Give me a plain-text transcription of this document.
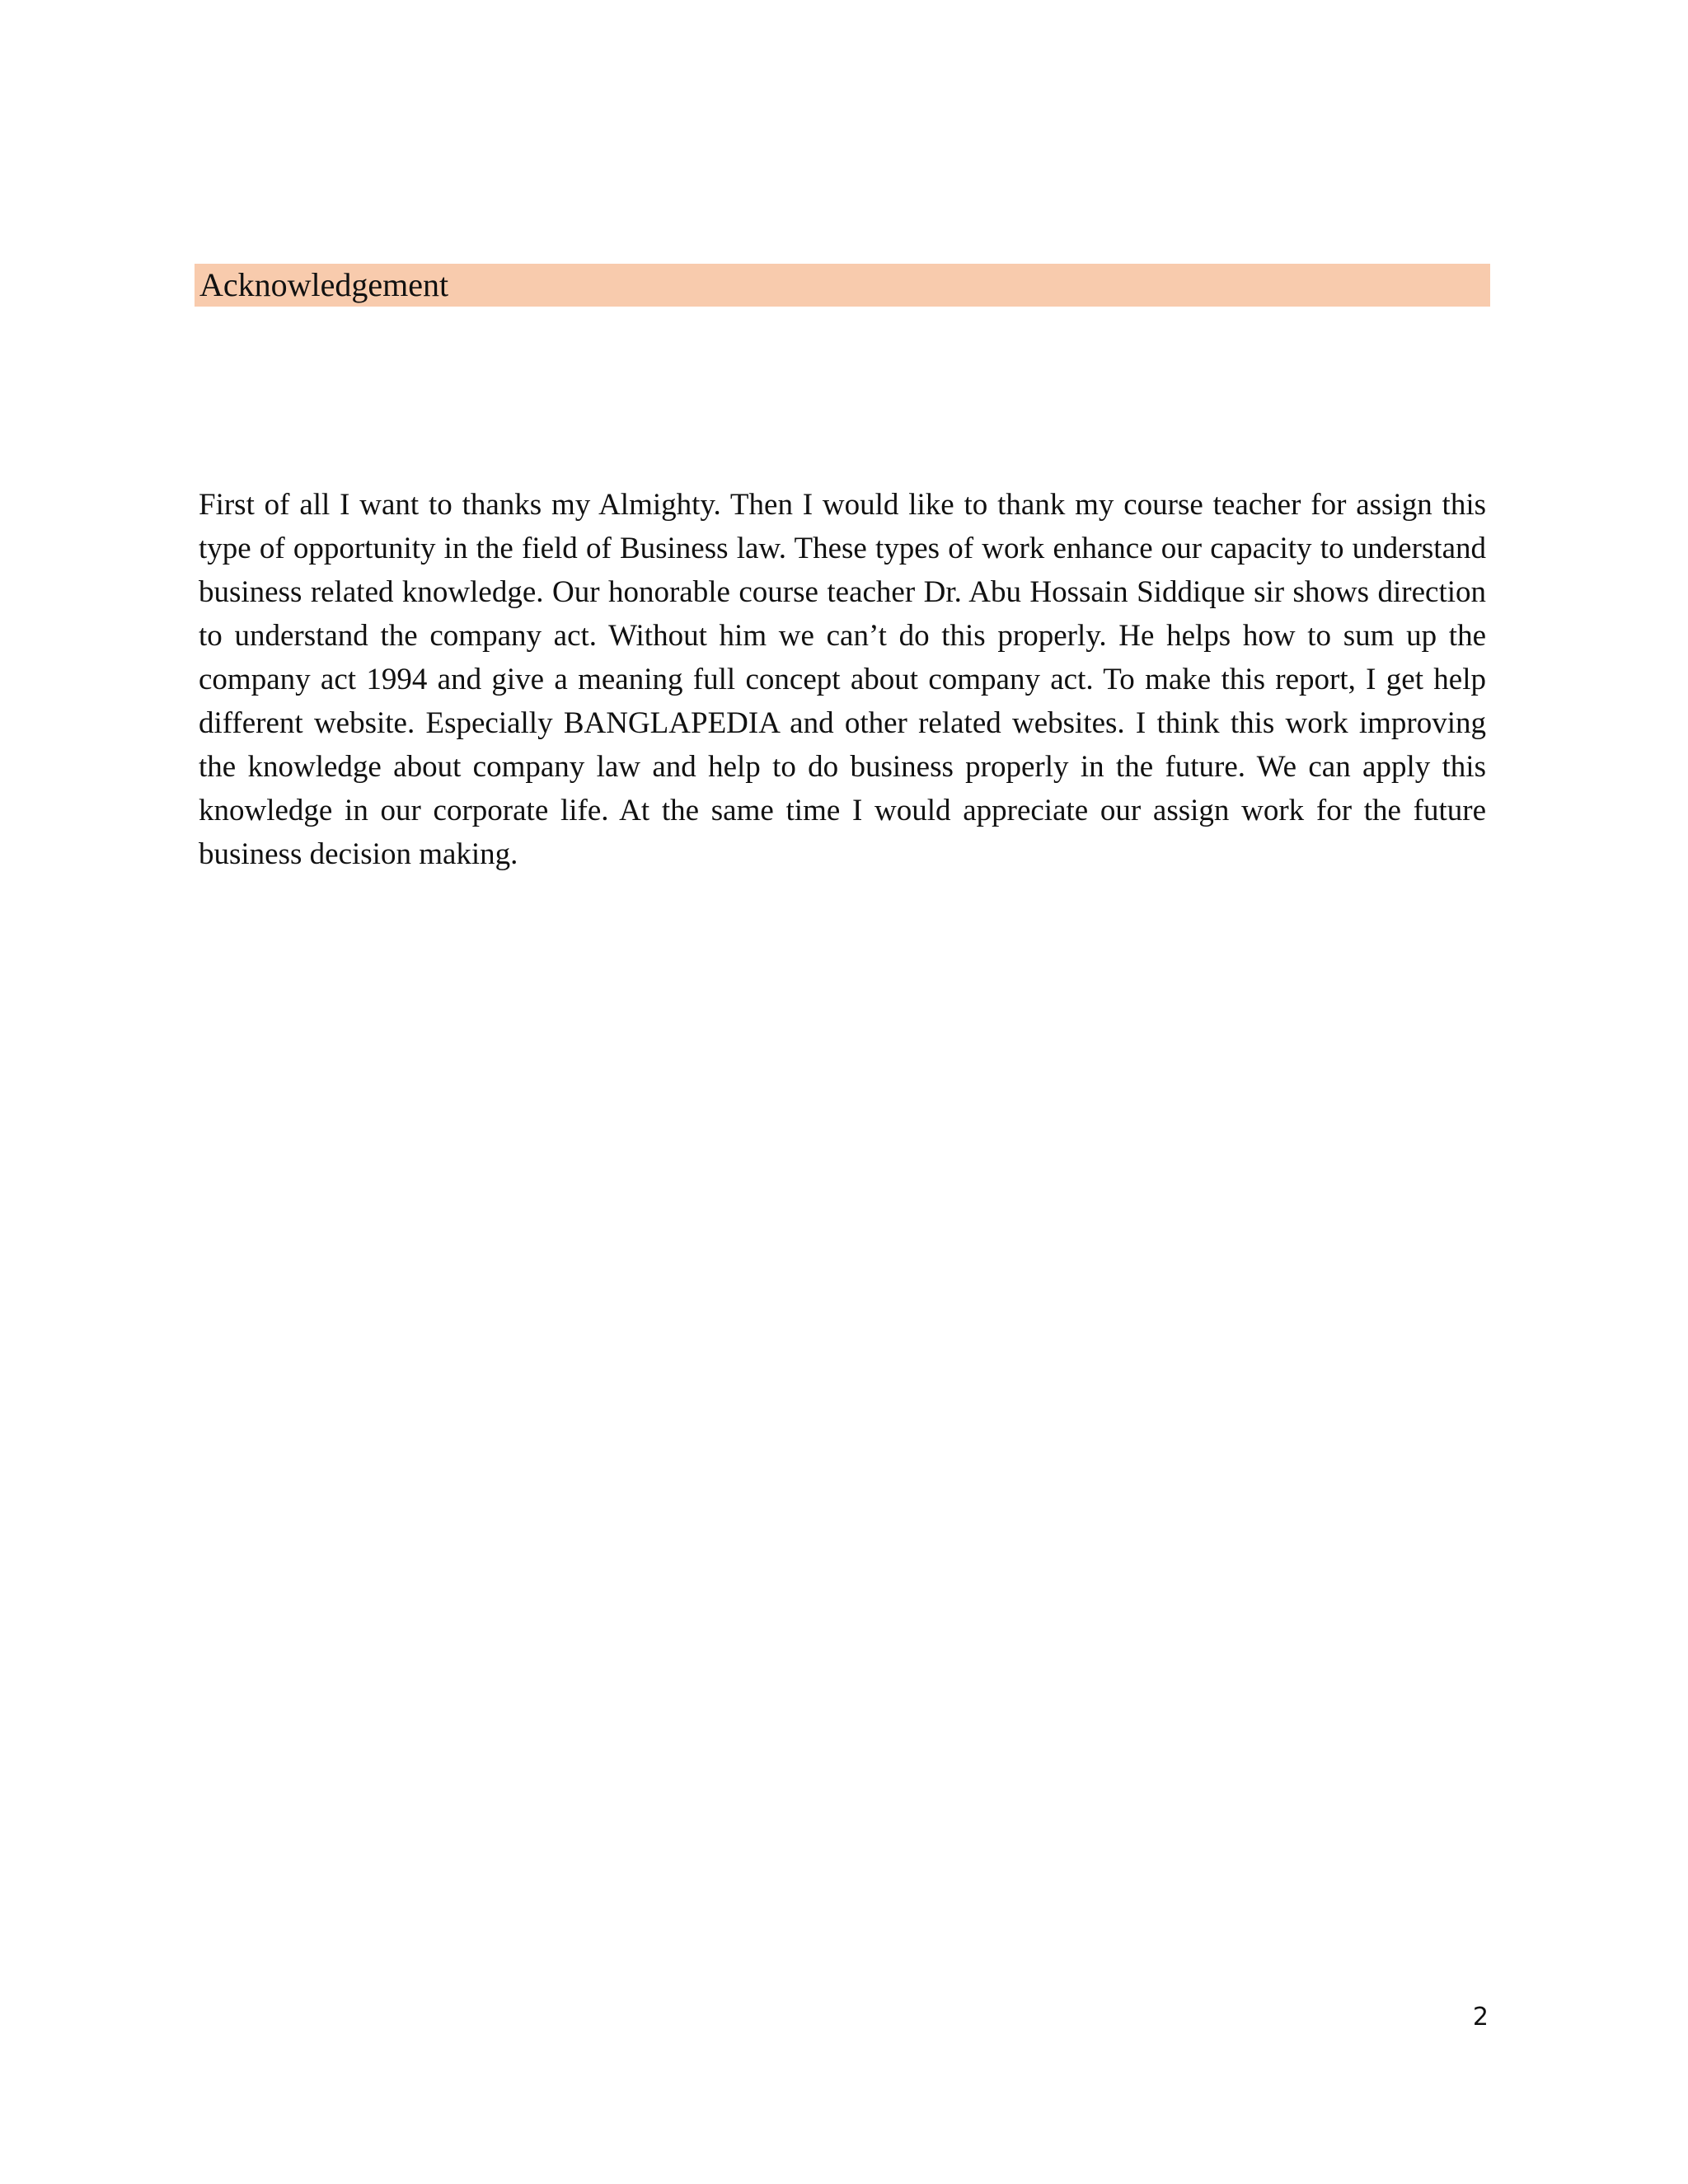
Acknowledgement

First of all I want to thanks my Almighty. Then I would like to thank my course teacher for assign this type of opportunity in the field of Business law. These types of work enhance our capacity to understand business related knowledge. Our honorable course teacher Dr. Abu Hossain Siddique sir shows direction to understand the company act. Without him we can’t do this properly. He helps how to sum up the company act 1994 and give a meaning full concept about company act. To make this report, I get help different website. Especially BANGLAPEDIA and other related websites. I think this work improving the knowledge about company law and help to do business properly in the future. We can apply this knowledge in our corporate life. At the same time I would appreciate our assign work for the future business decision making.

2
